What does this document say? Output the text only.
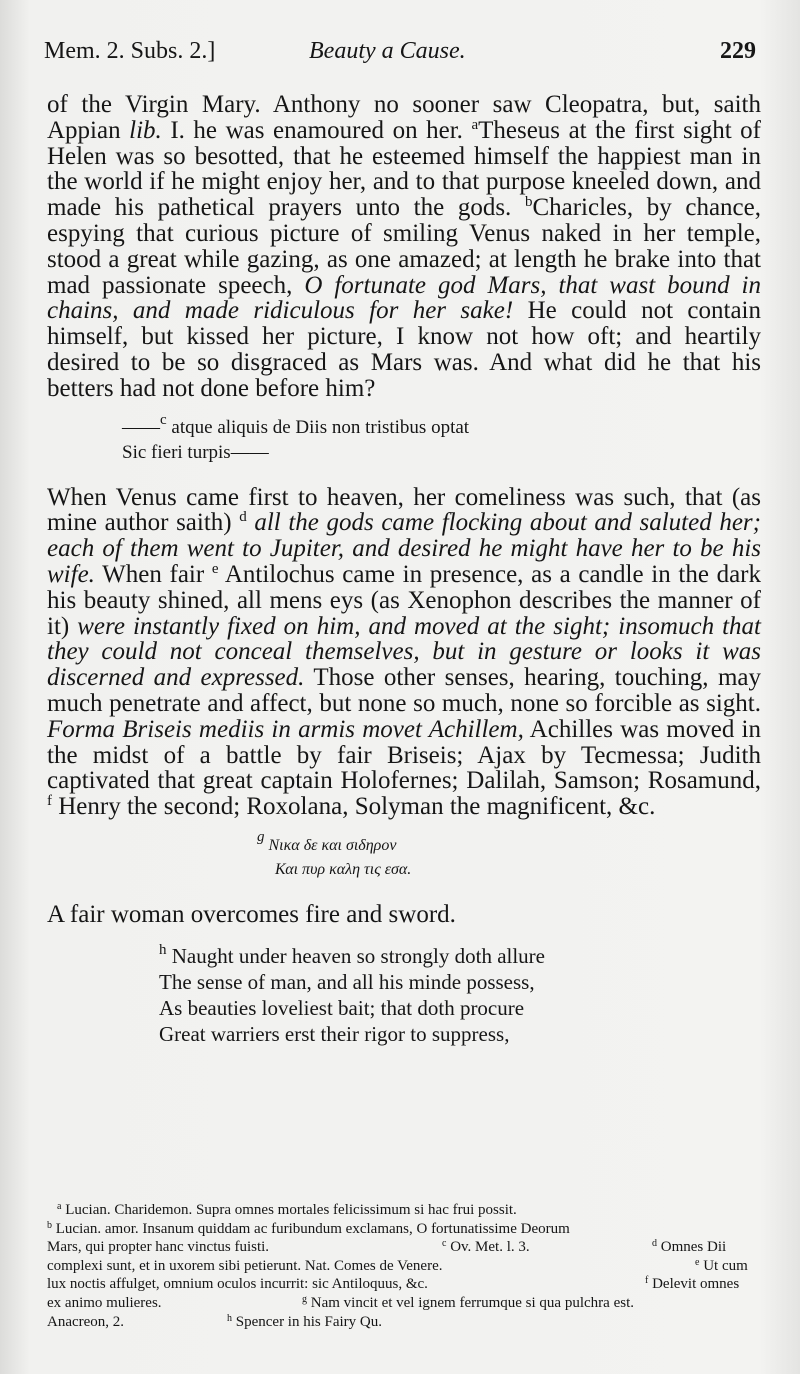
Mem. 2. Subs. 2.]	Beauty a Cause.	229

of the Virgin Mary. Anthony no sooner saw Cleopatra, but, saith Appian lib. I. he was enamoured on her. $^a$Theseus at the first sight of Helen was so besotted, that he esteemed himself the happiest man in the world if he might enjoy her, and to that purpose kneeled down, and made his pathetical prayers unto the gods. $^b$Charicles, by chance, espying that curious picture of smiling Venus naked in her temple, stood a great while gazing, as one amazed; at length he brake into that mad passionate speech, O fortunate god Mars, that wast bound in chains, and made ridiculous for her sake! He could not contain himself, but kissed her picture, I know not how oft; and heartily desired to be so disgraced as Mars was. And what did he that his betters had not done before him?

——$^c$ atque aliquis de Diis non tristibus optat
Sic fieri turpis——

When Venus came first to heaven, her comeliness was such, that (as mine author saith) $^d$ all the gods came flocking about and saluted her; each of them went to Jupiter, and desired he might have her to be his wife. When fair $^e$ Antilochus came in presence, as a candle in the dark his beauty shined, all mens eys (as Xenophon describes the manner of it) were instantly fixed on him, and moved at the sight; insomuch that they could not conceal themselves, but in gesture or looks it was discerned and expressed. Those other senses, hearing, touching, may much penetrate and affect, but none so much, none so forcible as sight. Forma Briseis mediis in armis movet Achillem, Achilles was moved in the midst of a battle by fair Briseis; Ajax by Tecmessa; Judith captivated that great captain Holofernes; Dalilah, Samson; Rosamund, $^f$ Henry the second; Roxolana, Solyman the magnificent, &c.

$^g$ Νικα δε και σιδηρον
Και πυρ καλη τις εσα.

A fair woman overcomes fire and sword.

$^h$ Naught under heaven so strongly doth allure
The sense of man, and all his minde possess,
As beauties loveliest bait; that doth procure
Great warriers erst their rigor to suppress,
$^a$ Lucian. Charidemon. Supra omnes mortales felicissimum si hac frui possit.
$^b$ Lucian. amor. Insanum quiddam ac furibundum exclamans, O fortunatissime Deorum
Mars, qui propter hanc vinctus fuisti.	$^c$ Ov. Met. l. 3.	$^d$ Omnes Dii
complexi sunt, et in uxorem sibi petierunt. Nat. Comes de Venere.	$^e$ Ut cum
lux noctis affulget, omnium oculos incurrit: sic Antiloquus, &c.	$^f$ Delevit omnes
ex animo mulieres.	$^g$ Nam vincit et vel ignem ferrumque si qua pulchra est.
Anacreon, 2.	$^h$ Spencer in his Fairy Qu.
